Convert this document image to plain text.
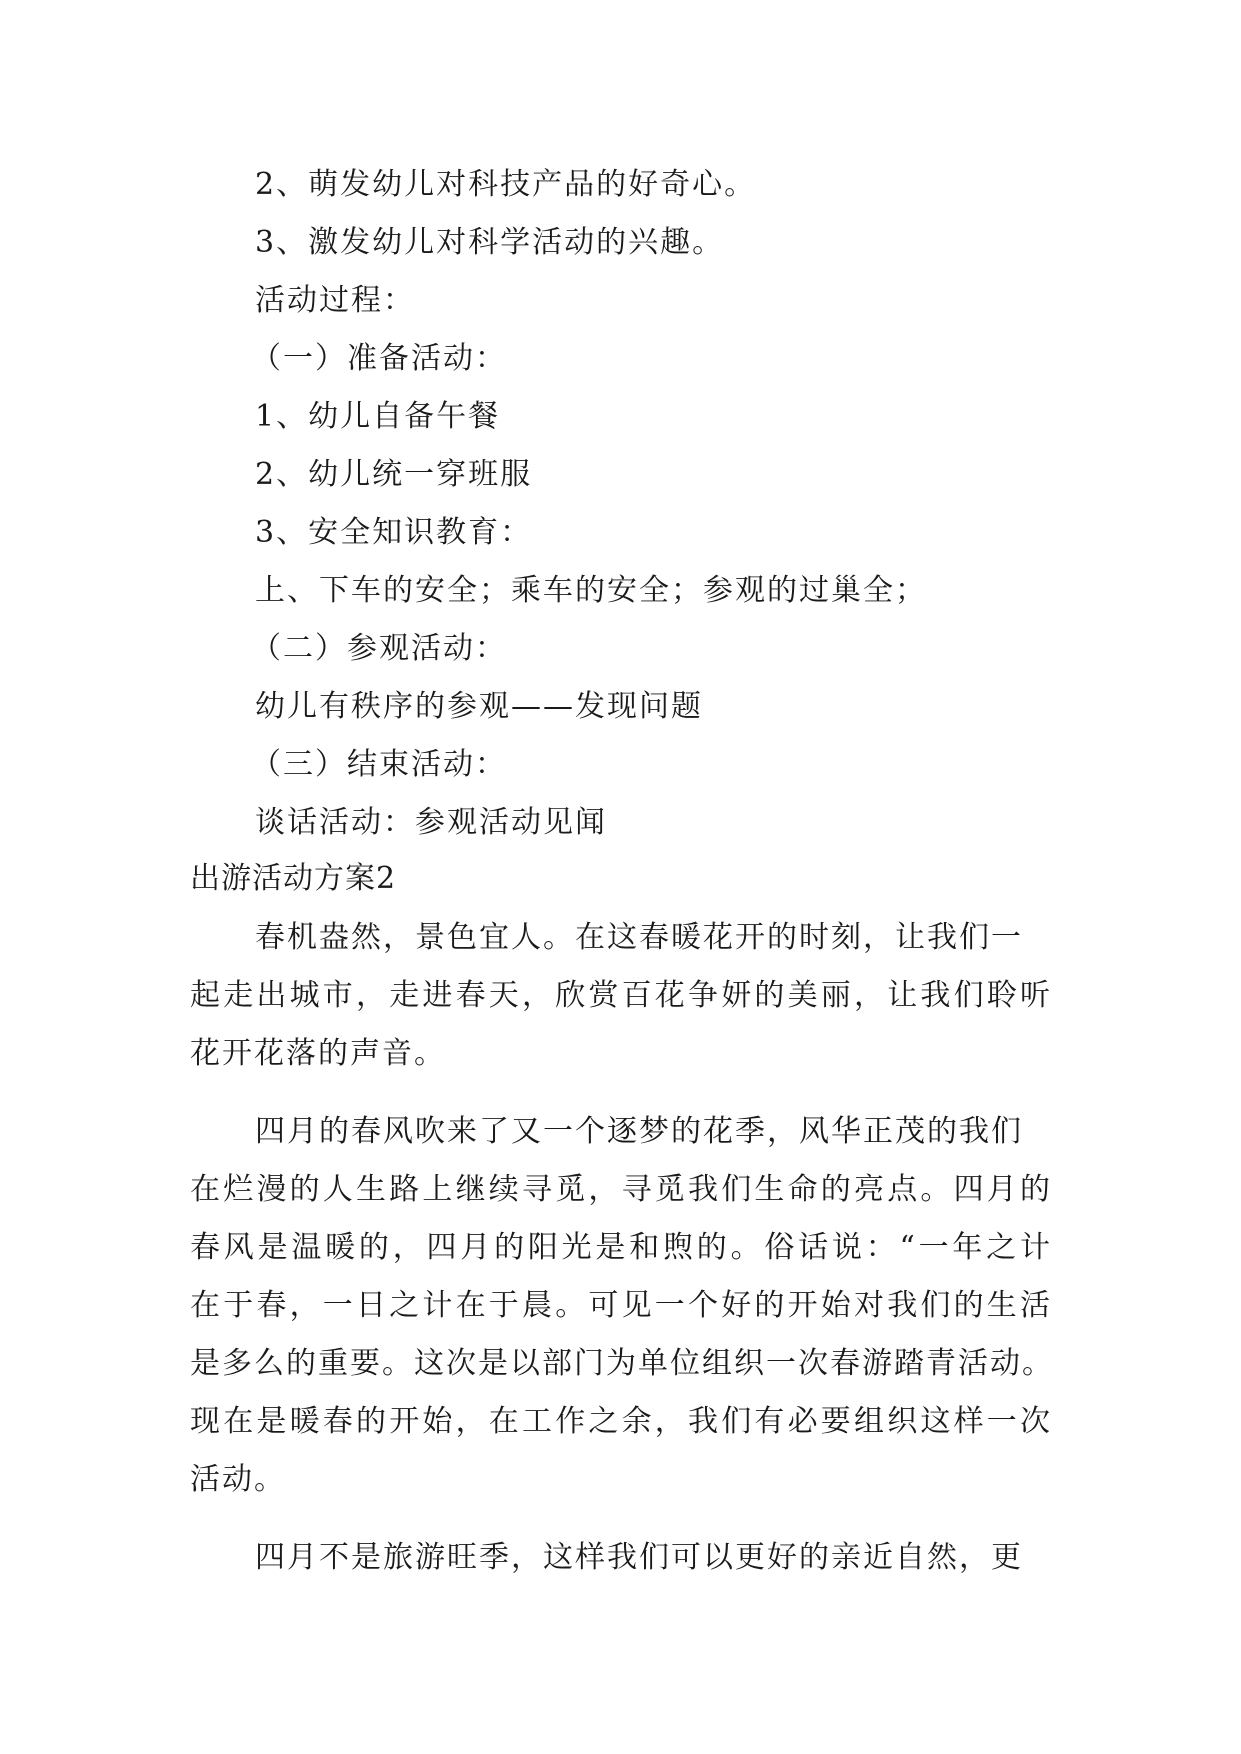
2、萌发幼儿对科技产品的好奇心。
3、激发幼儿对科学活动的兴趣。
活动过程：
（一）准备活动：
1、幼儿自备午餐
2、幼儿统一穿班服
3、安全知识教育：
上、下车的安全；乘车的安全；参观的过巢全；
（二）参观活动：
幼儿有秩序的参观——发现问题
（三）结束活动：
谈话活动：参观活动见闻
出游活动方案2
春机盎然，景色宜人。在这春暖花开的时刻，让我们一
起走出城市，走进春天，欣赏百花争妍的美丽，让我们聆听
花开花落的声音。
四月的春风吹来了又一个逐梦的花季，风华正茂的我们
在烂漫的人生路上继续寻觅，寻觅我们生命的亮点。四月的
春风是温暖的，四月的阳光是和煦的。俗话说：“一年之计
在于春，一日之计在于晨。可见一个好的开始对我们的生活
是多么的重要。这次是以部门为单位组织一次春游踏青活动。
现在是暖春的开始，在工作之余，我们有必要组织这样一次
活动。
四月不是旅游旺季，这样我们可以更好的亲近自然，更
